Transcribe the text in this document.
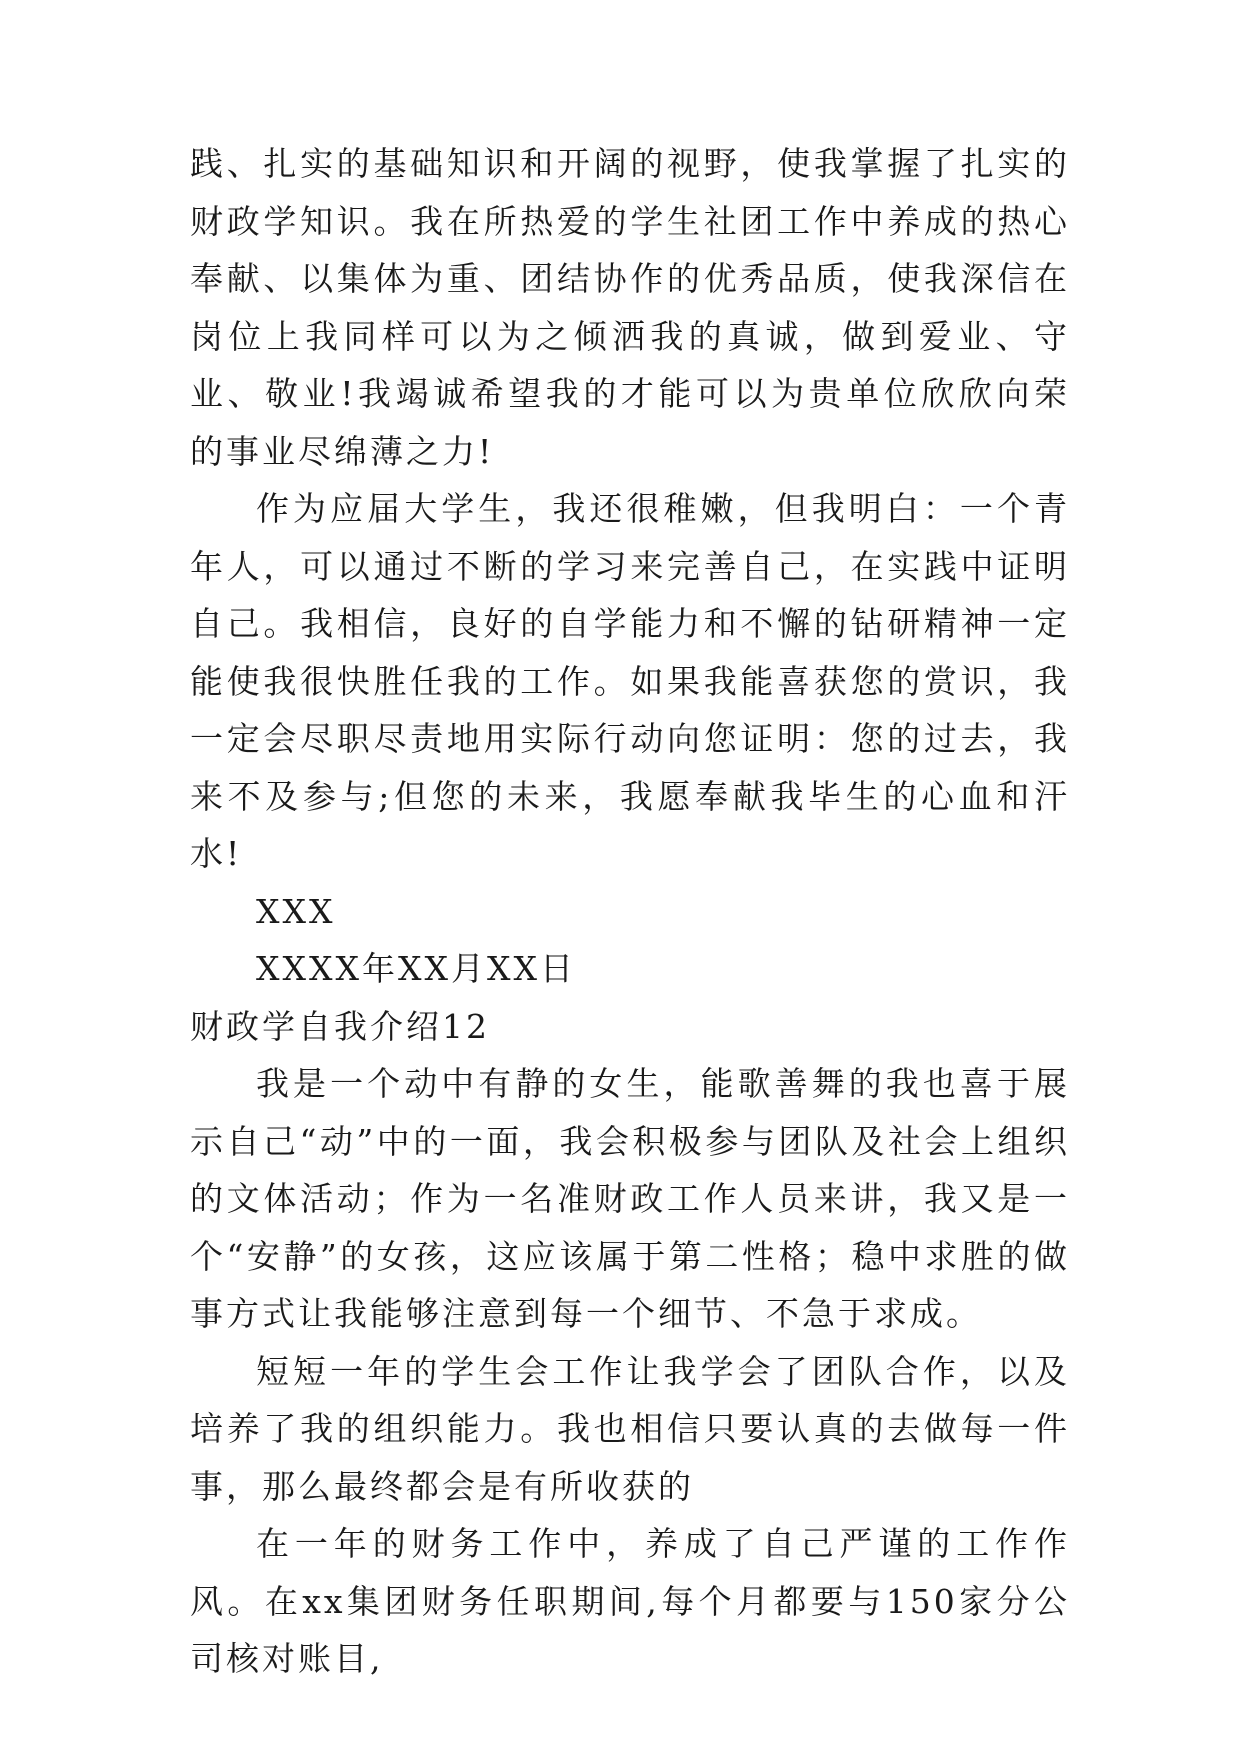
践、扎实的基础知识和开阔的视野，使我掌握了扎实的财政学知识。我在所热爱的学生社团工作中养成的热心奉献、以集体为重、团结协作的优秀品质，使我深信在岗位上我同样可以为之倾洒我的真诚，做到爱业、守业、敬业!我竭诚希望我的才能可以为贵单位欣欣向荣的事业尽绵薄之力!

作为应届大学生，我还很稚嫩，但我明白：一个青年人，可以通过不断的学习来完善自己，在实践中证明自己。我相信，良好的自学能力和不懈的钻研精神一定能使我很快胜任我的工作。如果我能喜获您的赏识，我一定会尽职尽责地用实际行动向您证明：您的过去，我来不及参与;但您的未来，我愿奉献我毕生的心血和汗水!

XXX

XXXX年XX月XX日

财政学自我介绍12

我是一个动中有静的女生，能歌善舞的我也喜于展示自己“动”中的一面，我会积极参与团队及社会上组织的文体活动；作为一名准财政工作人员来讲，我又是一个“安静”的女孩，这应该属于第二性格；稳中求胜的做事方式让我能够注意到每一个细节、不急于求成。

短短一年的学生会工作让我学会了团队合作，以及培养了我的组织能力。我也相信只要认真的去做每一件事，那么最终都会是有所收获的

在一年的财务工作中，养成了自己严谨的工作作风。在xx集团财务任职期间,每个月都要与150家分公司核对账目,
